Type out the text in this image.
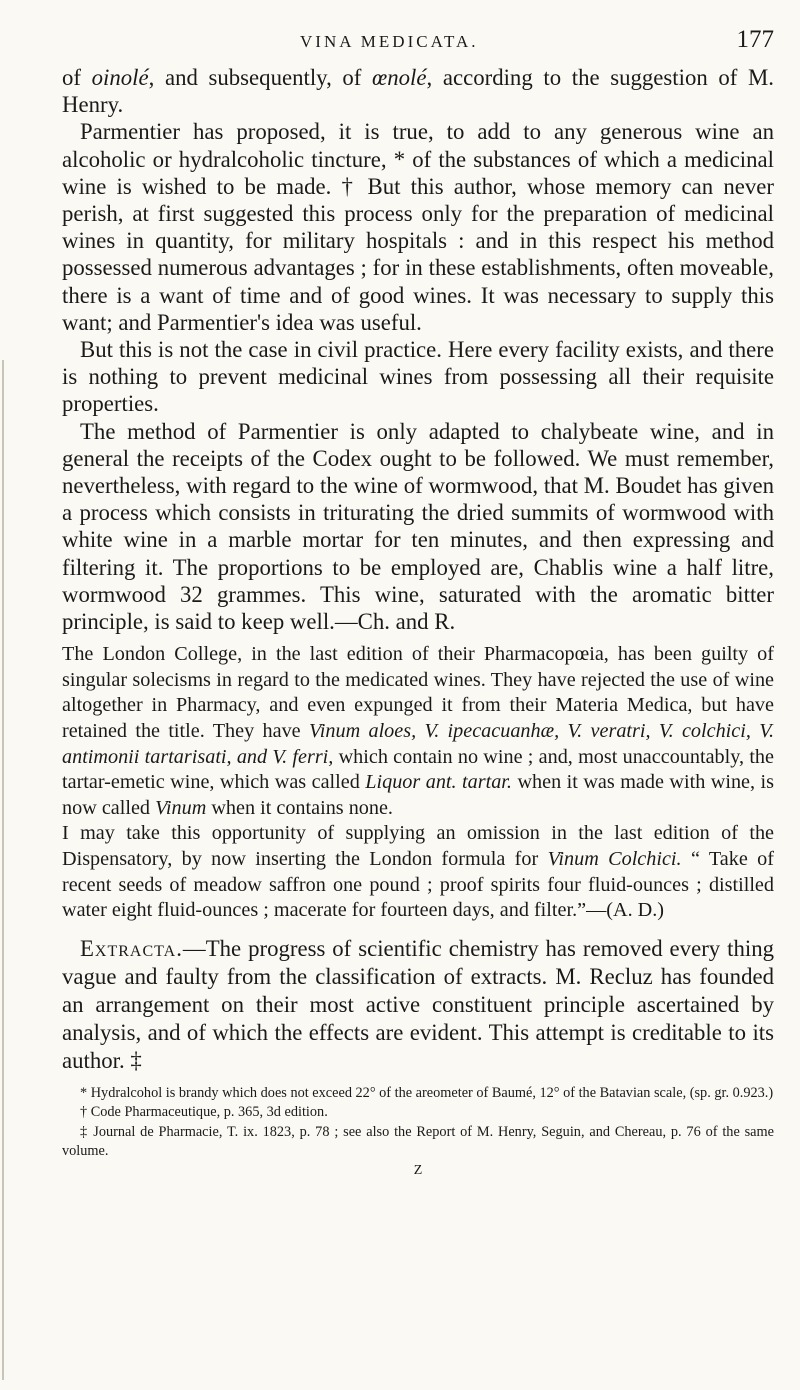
VINA MEDICATA.	177

of oinolé, and subsequently, of œnolé, according to the suggestion of M. Henry.

Parmentier has proposed, it is true, to add to any generous wine an alcoholic or hydralcoholic tincture, * of the substances of which a medicinal wine is wished to be made. † But this author, whose memory can never perish, at first suggested this process only for the preparation of medicinal wines in quantity, for military hospitals : and in this respect his method possessed numerous advantages ; for in these establishments, often moveable, there is a want of time and of good wines. It was necessary to supply this want; and Parmentier's idea was useful.

But this is not the case in civil practice. Here every facility exists, and there is nothing to prevent medicinal wines from possessing all their requisite properties.

The method of Parmentier is only adapted to chalybeate wine, and in general the receipts of the Codex ought to be followed. We must remember, nevertheless, with regard to the wine of wormwood, that M. Boudet has given a process which consists in triturating the dried summits of wormwood with white wine in a marble mortar for ten minutes, and then expressing and filtering it. The proportions to be employed are, Chablis wine a half litre, wormwood 32 grammes. This wine, saturated with the aromatic bitter principle, is said to keep well.—Ch. and R.

The London College, in the last edition of their Pharmacopœia, has been guilty of singular solecisms in regard to the medicated wines. They have rejected the use of wine altogether in Pharmacy, and even expunged it from their Materia Medica, but have retained the title. They have Vinum aloes, V. ipecacuanhæ, V. veratri, V. colchici, V. antimonii tartarisati, and V. ferri, which contain no wine ; and, most unaccountably, the tartar-emetic wine, which was called Liquor ant. tartar. when it was made with wine, is now called Vinum when it contains none.

I may take this opportunity of supplying an omission in the last edition of the Dispensatory, by now inserting the London formula for Vinum Colchici. “ Take of recent seeds of meadow saffron one pound ; proof spirits four fluid-ounces ; distilled water eight fluid-ounces ; macerate for fourteen days, and filter.”—(A. D.)

Extracta.—The progress of scientific chemistry has removed every thing vague and faulty from the classification of extracts. M. Recluz has founded an arrangement on their most active constituent principle ascertained by analysis, and of which the effects are evident. This attempt is creditable to its author. ‡

* Hydralcohol is brandy which does not exceed 22° of the areometer of Baumé, 12° of the Batavian scale, (sp. gr. 0.923.)

† Code Pharmaceutique, p. 365, 3d edition.

‡ Journal de Pharmacie, T. ix. 1823, p. 78 ; see also the Report of M. Henry, Seguin, and Chereau, p. 76 of the same volume.

Z
